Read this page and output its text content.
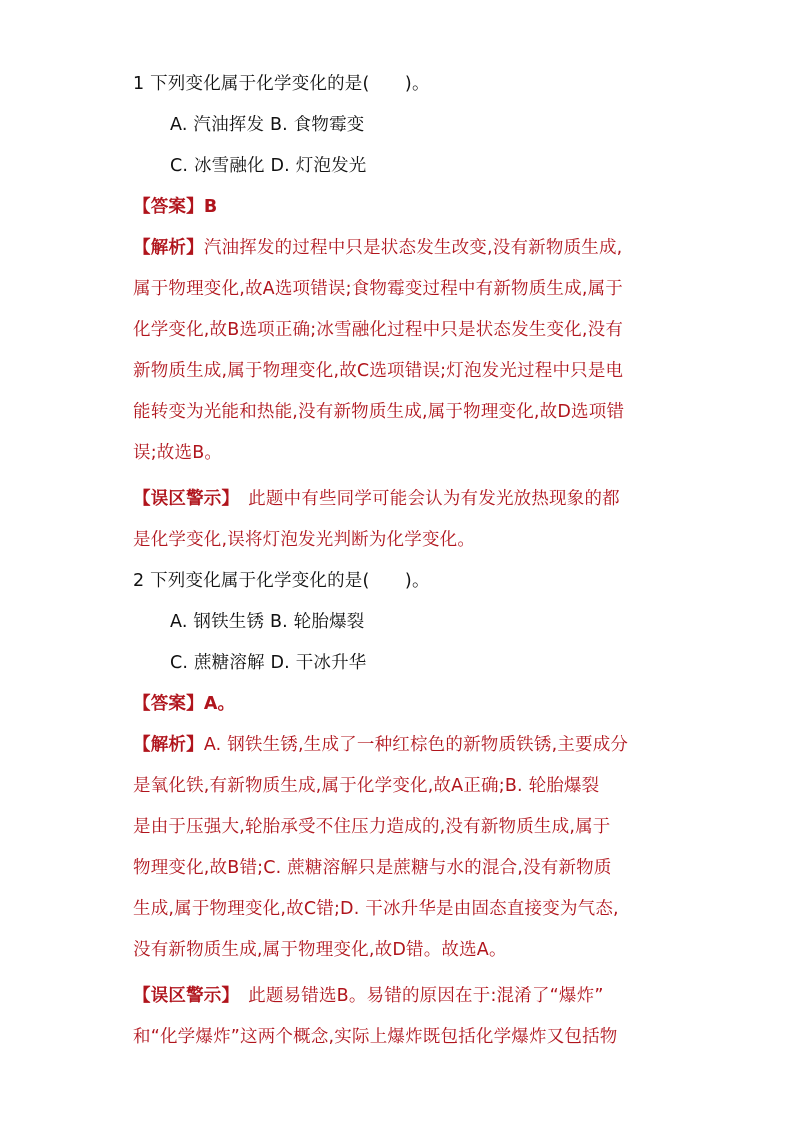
1 下列变化属于化学变化的是(　　)。
A. 汽油挥发 B. 食物霉变
C. 冰雪融化 D. 灯泡发光
【答案】B
【解析】汽油挥发的过程中只是状态发生改变,没有新物质生成,
属于物理变化,故A选项错误;食物霉变过程中有新物质生成,属于
化学变化,故B选项正确;冰雪融化过程中只是状态发生变化,没有
新物质生成,属于物理变化,故C选项错误;灯泡发光过程中只是电
能转变为光能和热能,没有新物质生成,属于物理变化,故D选项错
误;故选B。
【误区警示】　此题中有些同学可能会认为有发光放热现象的都
是化学变化,误将灯泡发光判断为化学变化。
2 下列变化属于化学变化的是(　　)。
A. 钢铁生锈 B. 轮胎爆裂
C. 蔗糖溶解 D. 干冰升华
【答案】A。
【解析】A. 钢铁生锈,生成了一种红棕色的新物质铁锈,主要成分
是氧化铁,有新物质生成,属于化学变化,故A正确;B. 轮胎爆裂
是由于压强大,轮胎承受不住压力造成的,没有新物质生成,属于
物理变化,故B错;C. 蔗糖溶解只是蔗糖与水的混合,没有新物质
生成,属于物理变化,故C错;D. 干冰升华是由固态直接变为气态,
没有新物质生成,属于物理变化,故D错。故选A。
【误区警示】　此题易错选B。易错的原因在于:混淆了“爆炸”
和“化学爆炸”这两个概念,实际上爆炸既包括化学爆炸又包括物
